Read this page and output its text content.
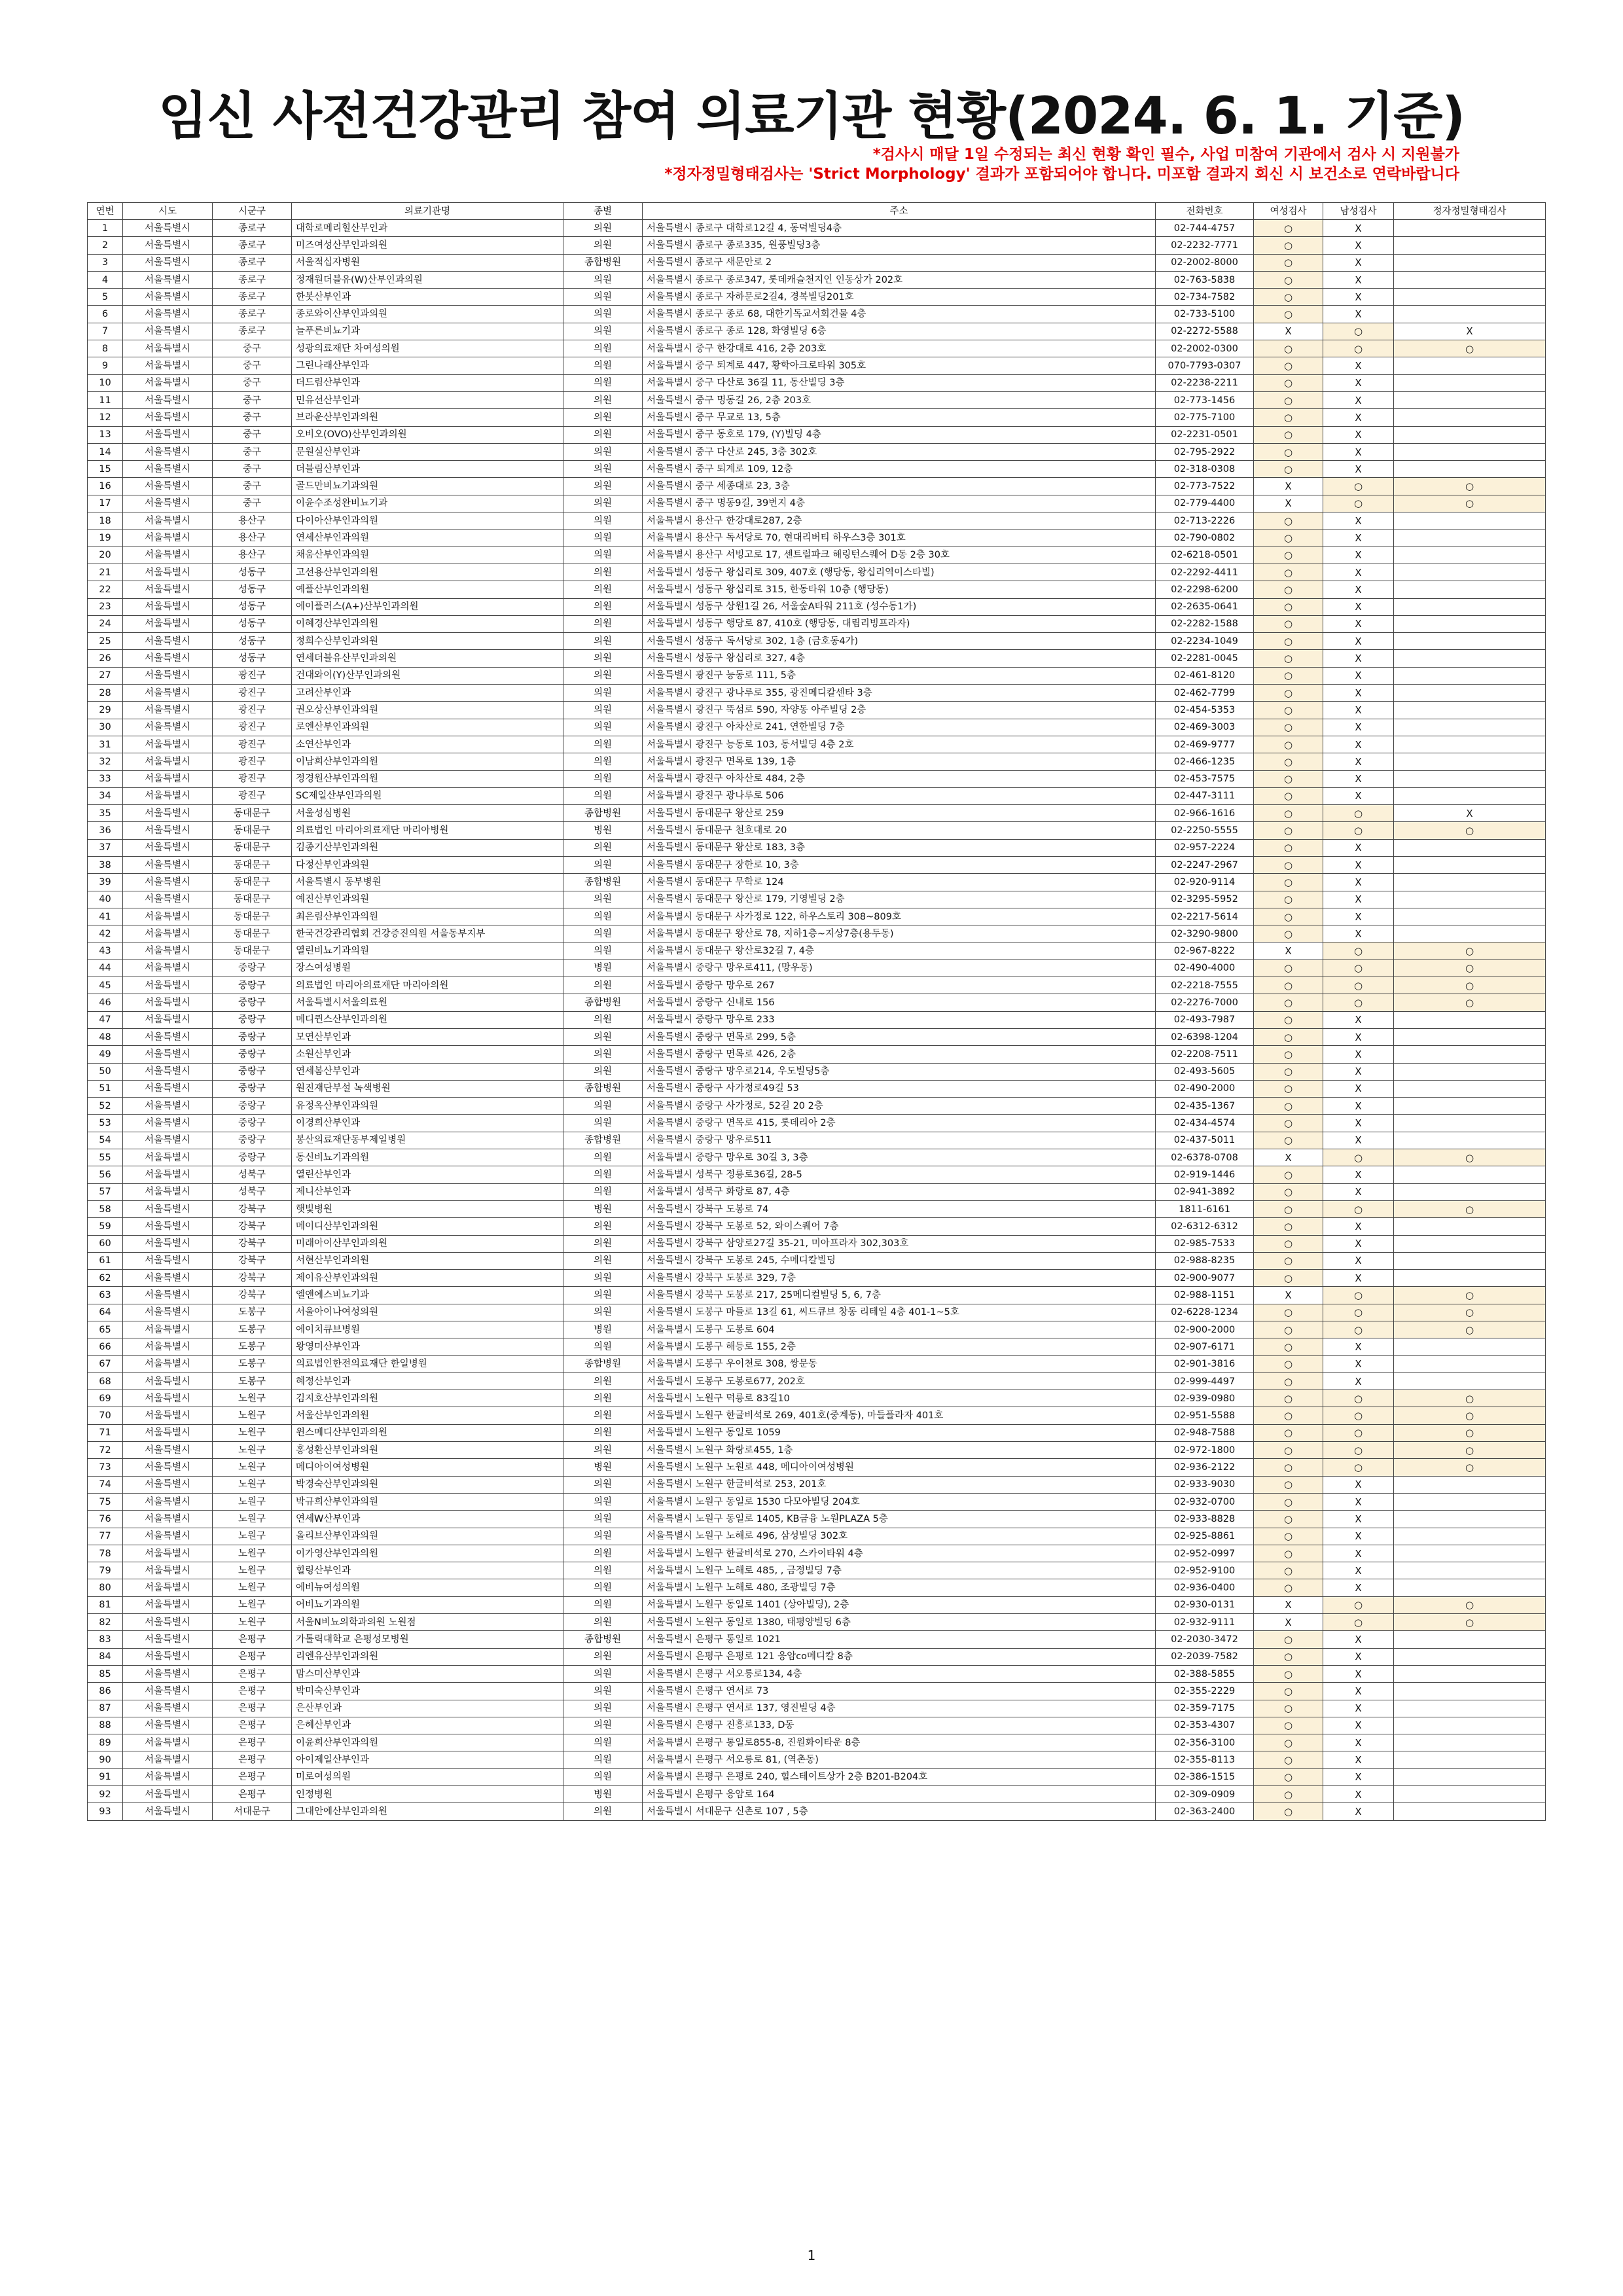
임신 사전건강관리 참여 의료기관 현황(2024. 6. 1. 기준)
*검사시 매달 1일 수정되는 최신 현황 확인 필수, 사업 미참여 기관에서 검사 시 지원불가
*정자정밀형태검사는 'Strict Morphology' 결과가 포함되어야 합니다. 미포함 결과지 회신 시 보건소로 연락바랍니다
연번	시도	시군구	의료기관명	종별	주소	전화번호	여성검사	남성검사	정자정밀형태검사
1	서울특별시	종로구	대학로메리힐산부인과	의원	서울특별시 종로구 대학로12길 4, 동덕빌딩4층	02-744-4757	○	X	
2	서울특별시	종로구	미즈여성산부인과의원	의원	서울특별시 종로구 종로335, 원풍빌딩3층	02-2232-7771	○	X	
3	서울특별시	종로구	서울적십자병원	종합병원	서울특별시 종로구 새문안로 2	02-2002-8000	○	X	
4	서울특별시	종로구	정재원더블유(W)산부인과의원	의원	서울특별시 종로구 종로347, 롯데캐슬천지인 인동상가 202호	02-763-5838	○	X	
5	서울특별시	종로구	한봇산부인과	의원	서울특별시 종로구 자하문로2길4, 경복빌딩201호	02-734-7582	○	X	
6	서울특별시	종로구	종로와이산부인과의원	의원	서울특별시 종로구 종로 68, 대한기독교서회건물 4층	02-733-5100	○	X	
7	서울특별시	종로구	늘푸른비뇨기과	의원	서울특별시 종로구 종로 128, 화영빌딩 6층	02-2272-5588	X	○	X
8	서울특별시	중구	성광의료재단 차여성의원	의원	서울특별시 중구 한강대로 416, 2층 203호	02-2002-0300	○	○	○
9	서울특별시	중구	그린나래산부인과	의원	서울특별시 중구 퇴계로 447, 황학아크로타워 305호	070-7793-0307	○	X	
10	서울특별시	중구	더드림산부인과	의원	서울특별시 중구 다산로 36길 11, 동산빌딩 3층	02-2238-2211	○	X	
11	서울특별시	중구	민유선산부인과	의원	서울특별시 중구 명동길 26, 2층 203호	02-773-1456	○	X	
12	서울특별시	중구	브라운산부인과의원	의원	서울특별시 중구 무교로 13, 5층	02-775-7100	○	X	
13	서울특별시	중구	오비오(OVO)산부인과의원	의원	서울특별시 중구 동호로 179, (Y)빌딩 4층	02-2231-0501	○	X	
14	서울특별시	중구	문원실산부인과	의원	서울특별시 중구 다산로 245, 3층 302호	02-795-2922	○	X	
15	서울특별시	중구	더블림산부인과	의원	서울특별시 중구 퇴계로 109, 12층	02-318-0308	○	X	
16	서울특별시	중구	골드만비뇨기과의원	의원	서울특별시 중구 세종대로 23, 3층	02-773-7522	X	○	○
17	서울특별시	중구	이윤수조성완비뇨기과	의원	서울특별시 중구 명동9길, 39번지 4층	02-779-4400	X	○	○
18	서울특별시	용산구	다이아산부인과의원	의원	서울특별시 용산구 한강대로287, 2층	02-713-2226	○	X	
19	서울특별시	용산구	연세산부인과의원	의원	서울특별시 용산구 독서당로 70, 현대리버티 하우스3층 301호	02-790-0802	○	X	
20	서울특별시	용산구	채움산부인과의원	의원	서울특별시 용산구 서빙고로 17, 센트럴파크 해링턴스퀘어 D동 2층 30호	02-6218-0501	○	X	
21	서울특별시	성동구	고선용산부인과의원	의원	서울특별시 성동구 왕십리로 309, 407호 (행당동, 왕십리역이스타빌)	02-2292-4411	○	X	
22	서울특별시	성동구	예플산부인과의원	의원	서울특별시 성동구 왕십리로 315, 한동타워 10층 (행당동)	02-2298-6200	○	X	
23	서울특별시	성동구	에이플러스(A+)산부인과의원	의원	서울특별시 성동구 상원1길 26, 서울숲A타워 211호 (성수동1가)	02-2635-0641	○	X	
24	서울특별시	성동구	이혜경산부인과의원	의원	서울특별시 성동구 행당로 87, 410호 (행당동, 대림리빙프라자)	02-2282-1588	○	X	
25	서울특별시	성동구	정희수산부인과의원	의원	서울특별시 성동구 독서당로 302, 1층 (금호동4가)	02-2234-1049	○	X	
26	서울특별시	성동구	연세더블유산부인과의원	의원	서울특별시 성동구 왕십리로 327, 4층	02-2281-0045	○	X	
27	서울특별시	광진구	건대와이(Y)산부인과의원	의원	서울특별시 광진구 능동로 111, 5층	02-461-8120	○	X	
28	서울특별시	광진구	고려산부인과	의원	서울특별시 광진구 광나루로 355, 광진메디칼센타 3층	02-462-7799	○	X	
29	서울특별시	광진구	권오상산부인과의원	의원	서울특별시 광진구 뚝섬로 590, 자양동 아주빌딩 2층	02-454-5353	○	X	
30	서울특별시	광진구	로엔산부인과의원	의원	서울특별시 광진구 아차산로 241, 연한빌딩 7층	02-469-3003	○	X	
31	서울특별시	광진구	소연산부인과	의원	서울특별시 광진구 능동로 103, 동서빌딩 4층 2호	02-469-9777	○	X	
32	서울특별시	광진구	이남희산부인과의원	의원	서울특별시 광진구 면목로 139, 1층	02-466-1235	○	X	
33	서울특별시	광진구	정경원산부인과의원	의원	서울특별시 광진구 아차산로 484, 2층	02-453-7575	○	X	
34	서울특별시	광진구	SC제일산부인과의원	의원	서울특별시 광진구 광나루로 506	02-447-3111	○	X	
35	서울특별시	동대문구	서울성심병원	종합병원	서울특별시 동대문구 왕산로 259	02-966-1616	○	○	X
36	서울특별시	동대문구	의료법인 마리아의료재단 마리아병원	병원	서울특별시 동대문구 천호대로 20	02-2250-5555	○	○	○
37	서울특별시	동대문구	김종기산부인과의원	의원	서울특별시 동대문구 왕산로 183, 3층	02-957-2224	○	X	
38	서울특별시	동대문구	다정산부인과의원	의원	서울특별시 동대문구 장한로 10, 3층	02-2247-2967	○	X	
39	서울특별시	동대문구	서울특별시 동부병원	종합병원	서울특별시 동대문구 무학로 124	02-920-9114	○	X	
40	서울특별시	동대문구	예진산부인과의원	의원	서울특별시 동대문구 왕산로 179, 기영빌딩 2층	02-3295-5952	○	X	
41	서울특별시	동대문구	최은림산부인과의원	의원	서울특별시 동대문구 사가정로 122, 하우스토리 308~809호	02-2217-5614	○	X	
42	서울특별시	동대문구	한국건강관리협회 건강증진의원 서울동부지부	의원	서울특별시 동대문구 왕산로 78, 지하1층~지상7층(용두동)	02-3290-9800	○	X	
43	서울특별시	동대문구	열린비뇨기과의원	의원	서울특별시 동대문구 왕산로32길 7, 4층	02-967-8222	X	○	○
44	서울특별시	중랑구	장스여성병원	병원	서울특별시 중랑구 망우로411, (망우동)	02-490-4000	○	○	○
45	서울특별시	중랑구	의료법인 마리아의료재단 마리아의원	의원	서울특별시 중랑구 망우로 267	02-2218-7555	○	○	○
46	서울특별시	중랑구	서울특별시서울의료원	종합병원	서울특별시 중랑구 신내로 156	02-2276-7000	○	○	○
47	서울특별시	중랑구	메디퀸스산부인과의원	의원	서울특별시 중랑구 망우로 233	02-493-7987	○	X	
48	서울특별시	중랑구	모연산부인과	의원	서울특별시 중랑구 면목로 299, 5층	02-6398-1204	○	X	
49	서울특별시	중랑구	소원산부인과	의원	서울특별시 중랑구 면목로 426, 2층	02-2208-7511	○	X	
50	서울특별시	중랑구	연세봄산부인과	의원	서울특별시 중랑구 망우로214, 우도빌딩5층	02-493-5605	○	X	
51	서울특별시	중랑구	원진재단부설 녹색병원	종합병원	서울특별시 중랑구 사가정로49길 53	02-490-2000	○	X	
52	서울특별시	중랑구	유정옥산부인과의원	의원	서울특별시 중랑구 사가정로, 52길 20 2층	02-435-1367	○	X	
53	서울특별시	중랑구	이경희산부인과	의원	서울특별시 중랑구 면목로 415, 롯데리아 2층	02-434-4574	○	X	
54	서울특별시	중랑구	봉산의료재단동부제일병원	종합병원	서울특별시 중랑구 망우로511	02-437-5011	○	X	
55	서울특별시	중랑구	동신비뇨기과의원	의원	서울특별시 중랑구 망우로 30길 3, 3층	02-6378-0708	X	○	○
56	서울특별시	성북구	열린산부인과	의원	서울특별시 성북구 정릉로36길, 28-5	02-919-1446	○	X	
57	서울특별시	성북구	제니산부인과	의원	서울특별시 성북구 화랑로 87, 4층	02-941-3892	○	X	
58	서울특별시	강북구	햇빛병원	병원	서울특별시 강북구 도봉로 74	1811-6161	○	○	○
59	서울특별시	강북구	메이디산부인과의원	의원	서울특별시 강북구 도봉로 52, 와이스퀘어 7층	02-6312-6312	○	X	
60	서울특별시	강북구	미래아이산부인과의원	의원	서울특별시 강북구 삼양로27길 35-21, 미아프라자 302,303호	02-985-7533	○	X	
61	서울특별시	강북구	서현산부인과의원	의원	서울특별시 강북구 도봉로 245, 수메디칼빌딩	02-988-8235	○	X	
62	서울특별시	강북구	제이유산부인과의원	의원	서울특별시 강북구 도봉로 329, 7층	02-900-9077	○	X	
63	서울특별시	강북구	엘앤에스비뇨기과	의원	서울특별시 강북구 도봉로 217, 25메디컬빌딩 5, 6, 7층	02-988-1151	X	○	○
64	서울특별시	도봉구	서울아이나여성의원	의원	서울특별시 도봉구 마들로 13길 61, 씨드큐브 창동 리테일 4층 401-1~5호	02-6228-1234	○	○	○
65	서울특별시	도봉구	에이치큐브병원	병원	서울특별시 도봉구 도봉로 604	02-900-2000	○	○	○
66	서울특별시	도봉구	왕영미산부인과	의원	서울특별시 도봉구 해등로 155, 2층	02-907-6171	○	X	
67	서울특별시	도봉구	의료법인한전의료재단 한일병원	종합병원	서울특별시 도봉구 우이천로 308, 쌍문동	02-901-3816	○	X	
68	서울특별시	도봉구	혜정산부인과	의원	서울특별시 도봉구 도봉로677, 202호	02-999-4497	○	X	
69	서울특별시	노원구	김지호산부인과의원	의원	서울특별시 노원구 덕릉로 83길10	02-939-0980	○	○	○
70	서울특별시	노원구	서울산부인과의원	의원	서울특별시 노원구 한글비석로 269, 401호(중계동), 마들플라자 401호	02-951-5588	○	○	○
71	서울특별시	노원구	윈스메디산부인과의원	의원	서울특별시 노원구 동일로 1059	02-948-7588	○	○	○
72	서울특별시	노원구	홍성환산부인과의원	의원	서울특별시 노원구 화랑로455, 1층	02-972-1800	○	○	○
73	서울특별시	노원구	메디아이여성병원	병원	서울특별시 노원구 노원로 448, 메디아이여성병원	02-936-2122	○	○	○
74	서울특별시	노원구	박경숙산부인과의원	의원	서울특별시 노원구 한글비석로 253, 201호	02-933-9030	○	X	
75	서울특별시	노원구	박규희산부인과의원	의원	서울특별시 노원구 동일로 1530 다모아빌딩 204호	02-932-0700	○	X	
76	서울특별시	노원구	연세W산부인과	의원	서울특별시 노원구 동일로 1405, KB금융 노원PLAZA 5층	02-933-8828	○	X	
77	서울특별시	노원구	올리브산부인과의원	의원	서울특별시 노원구 노해로 496, 삼성빌딩 302호	02-925-8861	○	X	
78	서울특별시	노원구	이가영산부인과의원	의원	서울특별시 노원구 한글비석로 270, 스카이타워 4층	02-952-0997	○	X	
79	서울특별시	노원구	힐링산부인과	의원	서울특별시 노원구 노해로 485, , 금정빌딩 7층	02-952-9100	○	X	
80	서울특별시	노원구	에비뉴여성의원	의원	서울특별시 노원구 노해로 480, 조광빌딩 7층	02-936-0400	○	X	
81	서울특별시	노원구	어비뇨기과의원	의원	서울특별시 노원구 동일로 1401 (상아빌딩), 2층	02-930-0131	X	○	○
82	서울특별시	노원구	서울N비뇨의학과의원 노원점	의원	서울특별시 노원구 동일로 1380, 태평양빌딩 6층	02-932-9111	X	○	○
83	서울특별시	은평구	가톨릭대학교 은평성모병원	종합병원	서울특별시 은평구 통일로 1021	02-2030-3472	○	X	
84	서울특별시	은평구	리엔유산부인과의원	의원	서울특별시 은평구 은평로 121 응암co메디칼 8층	02-2039-7582	○	X	
85	서울특별시	은평구	맘스미산부인과	의원	서울특별시 은평구 서오릉로134, 4층	02-388-5855	○	X	
86	서울특별시	은평구	박미숙산부인과	의원	서울특별시 은평구 연서로 73	02-355-2229	○	X	
87	서울특별시	은평구	은산부인과	의원	서울특별시 은평구 연서로 137, 영진빌딩 4층	02-359-7175	○	X	
88	서울특별시	은평구	은혜산부인과	의원	서울특별시 은평구 진흥로133, D동	02-353-4307	○	X	
89	서울특별시	은평구	이윤희산부인과의원	의원	서울특별시 은평구 통일로855-8, 진원화이타운 8층	02-356-3100	○	X	
90	서울특별시	은평구	아이제일산부인과	의원	서울특별시 은평구 서오릉로 81, (역촌동)	02-355-8113	○	X	
91	서울특별시	은평구	미로여성의원	의원	서울특별시 은평구 은평로 240, 힐스테이트상가 2층 B201-B204호	02-386-1515	○	X	
92	서울특별시	은평구	인정병원	병원	서울특별시 은평구 응암로 164	02-309-0909	○	X	
93	서울특별시	서대문구	그대안에산부인과의원	의원	서울특별시 서대문구 신촌로 107 , 5층	02-363-2400	○	X	
1
